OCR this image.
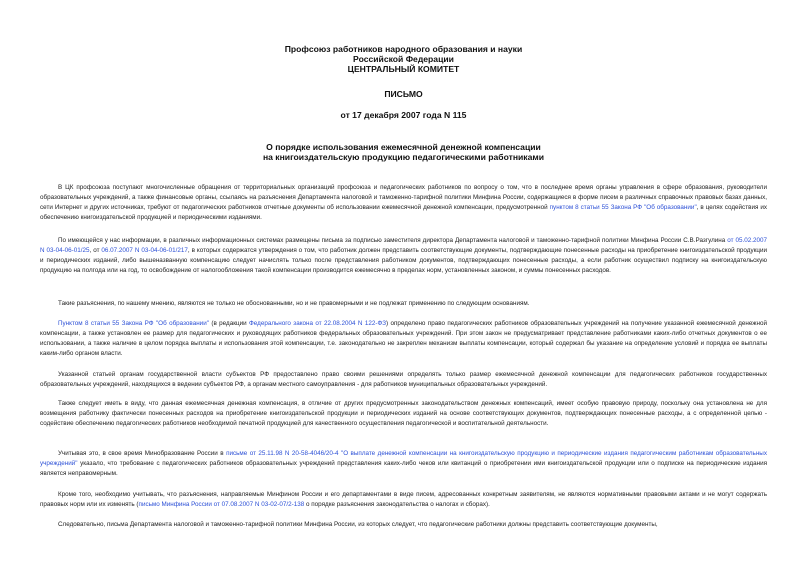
Профсоюз работников народного образования и науки
Российской Федерации
ЦЕНТРАЛЬНЫЙ КОМИТЕТ
ПИСЬМО
от 17 декабря 2007 года N 115
О порядке использования ежемесячной денежной компенсации
на книгоиздательскую продукцию педагогическими работниками

В ЦК профсоюза поступают многочисленные обращения от территориальных организаций профсоюза и педагогических работников по вопросу о том, что в последнее время органы управления в сфере образования, руководители образовательных учреждений, а также финансовые органы, ссылаясь на разъяснения Департамента налоговой и таможенно-тарифной политики Минфина России, содержащиеся в форме писем в различных справочных правовых базах данных, сети Интернет и других источниках, требуют от педагогических работников отчетные документы об использовании ежемесячной денежной компенсации, предусмотренной пунктом 8 статьи 55 Закона РФ "Об образовании", в целях содействия их обеспечению книгоиздательской продукцией и периодическими изданиями.

По имеющейся у нас информации, в различных информационных системах размещены письма за подписью заместителя директора Департамента налоговой и таможенно-тарифной политики Минфина России С.В.Разгулина от 05.02.2007 N 03-04-06-01/25, от 06.07.2007 N 03-04-06-01/217, в которых содержатся утверждения о том, что работник должен представить соответствующие документы, подтверждающие понесенные расходы на приобретение книгоиздательской продукции и периодических изданий, либо вышеназванную компенсацию следует начислять только после представления работником документов, подтверждающих понесенные расходы, а если работник осуществил подписку на книгоиздательскую продукцию на полгода или на год, то освобождение от налогообложения такой компенсации производится ежемесячно в пределах норм, установленных законом, и суммы понесенных расходов.

Такие разъяснения, по нашему мнению, являются не только не обоснованными, но и не правомерными и не подлежат применению по следующим основаниям.

Пунктом 8 статьи 55 Закона РФ "Об образовании" (в редакции Федерального закона от 22.08.2004 N 122-ФЗ) определено право педагогических работников образовательных учреждений на получение указанной ежемесячной денежной компенсации, а также установлен ее размер для педагогических и руководящих работников федеральных образовательных учреждений. При этом закон не предусматривает представление работниками каких-либо отчетных документов о ее использовании, а также наличие в целом порядка выплаты и использования этой компенсации, т.е. законодательно не закреплен механизм выплаты компенсации, который содержал бы указание на определение условий и порядка ее выплаты каким-либо органом власти.

Указанной статьей органам государственной власти субъектов РФ предоставлено право своими решениями определять только размер ежемесячной денежной компенсации для педагогических работников государственных образовательных учреждений, находящихся в ведении субъектов РФ, а органам местного самоуправления - для работников муниципальных образовательных учреждений.

Также следует иметь в виду, что данная ежемесячная денежная компенсация, в отличие от других предусмотренных законодательством денежных компенсаций, имеет особую правовую природу, поскольку она установлена не для возмещения работнику фактически понесенных расходов на приобретение книгоиздательской продукции и периодических изданий на основе соответствующих документов, подтверждающих понесенные расходы, а с определенной целью - содействие обеспечению педагогических работников необходимой печатной продукцией для качественного осуществления педагогической и воспитательной деятельности.

Учитывая это, в свое время Минобразование России в письме от 25.11.98 N 20-58-4046/20-4 "О выплате денежной компенсации на книгоиздательскую продукцию и периодические издания педагогическим работникам образовательных учреждений" указало, что требование с педагогических работников образовательных учреждений представления каких-либо чеков или квитанций о приобретении ими книгоиздательской продукции или о подписке на периодические издания является неправомерным.

Кроме того, необходимо учитывать, что разъяснения, направляемые Минфином России и его департаментами в виде писем, адресованных конкретным заявителям, не являются нормативными правовыми актами и не могут содержать правовых норм или их изменять (письмо Минфина России от 07.08.2007 N 03-02-07/2-138 о порядке разъяснения законодательства о налогах и сборах).

Следовательно, письма Департамента налоговой и таможенно-тарифной политики Минфина России, из которых следует, что педагогические работники должны представить соответствующие документы,
